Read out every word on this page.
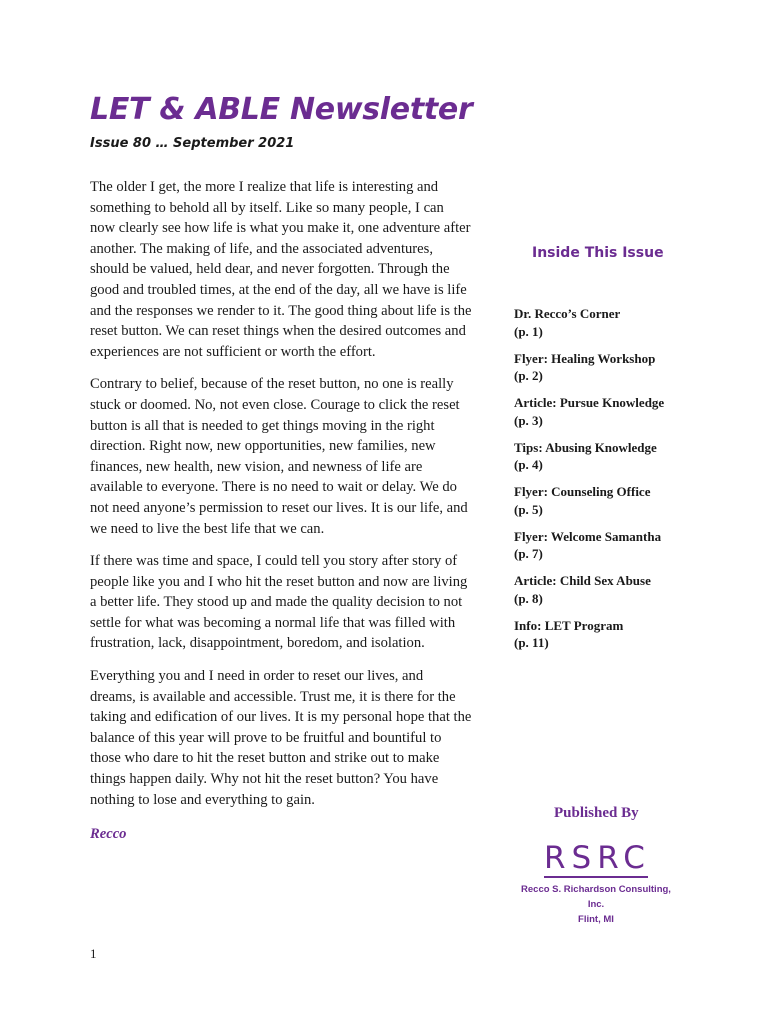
LET & ABLE Newsletter
Issue 80 … September 2021

The older I get, the more I realize that life is interesting and something to behold all by itself. Like so many people, I can now clearly see how life is what you make it, one adventure after another. The making of life, and the associated adventures, should be valued, held dear, and never forgotten. Through the good and troubled times, at the end of the day, all we have is life and the responses we render to it. The good thing about life is the reset button. We can reset things when the desired outcomes and experiences are not sufficient or worth the effort.

Contrary to belief, because of the reset button, no one is really stuck or doomed. No, not even close. Courage to click the reset button is all that is needed to get things moving in the right direction. Right now, new opportunities, new families, new finances, new health, new vision, and newness of life are available to everyone. There is no need to wait or delay. We do not need anyone’s permission to reset our lives. It is our life, and we need to live the best life that we can.

If there was time and space, I could tell you story after story of people like you and I who hit the reset button and now are living a better life. They stood up and made the quality decision to not settle for what was becoming a normal life that was filled with frustration, lack, disappointment, boredom, and isolation.

Everything you and I need in order to reset our lives, and dreams, is available and accessible. Trust me, it is there for the taking and edification of our lives. It is my personal hope that the balance of this year will prove to be fruitful and bountiful to those who dare to hit the reset button and strike out to make things happen daily. Why not hit the reset button? You have nothing to lose and everything to gain.

Recco
Inside This Issue
Dr. Recco’s Corner
(p. 1)
Flyer: Healing Workshop
(p. 2)
Article: Pursue Knowledge
(p. 3)
Tips: Abusing Knowledge
(p. 4)
Flyer: Counseling Office
(p. 5)
Flyer: Welcome Samantha
(p. 7)
Article: Child Sex Abuse
(p. 8)
Info: LET Program
(p. 11)
Published By
RSRC
Recco S. Richardson Consulting, Inc.
Flint, MI
1
